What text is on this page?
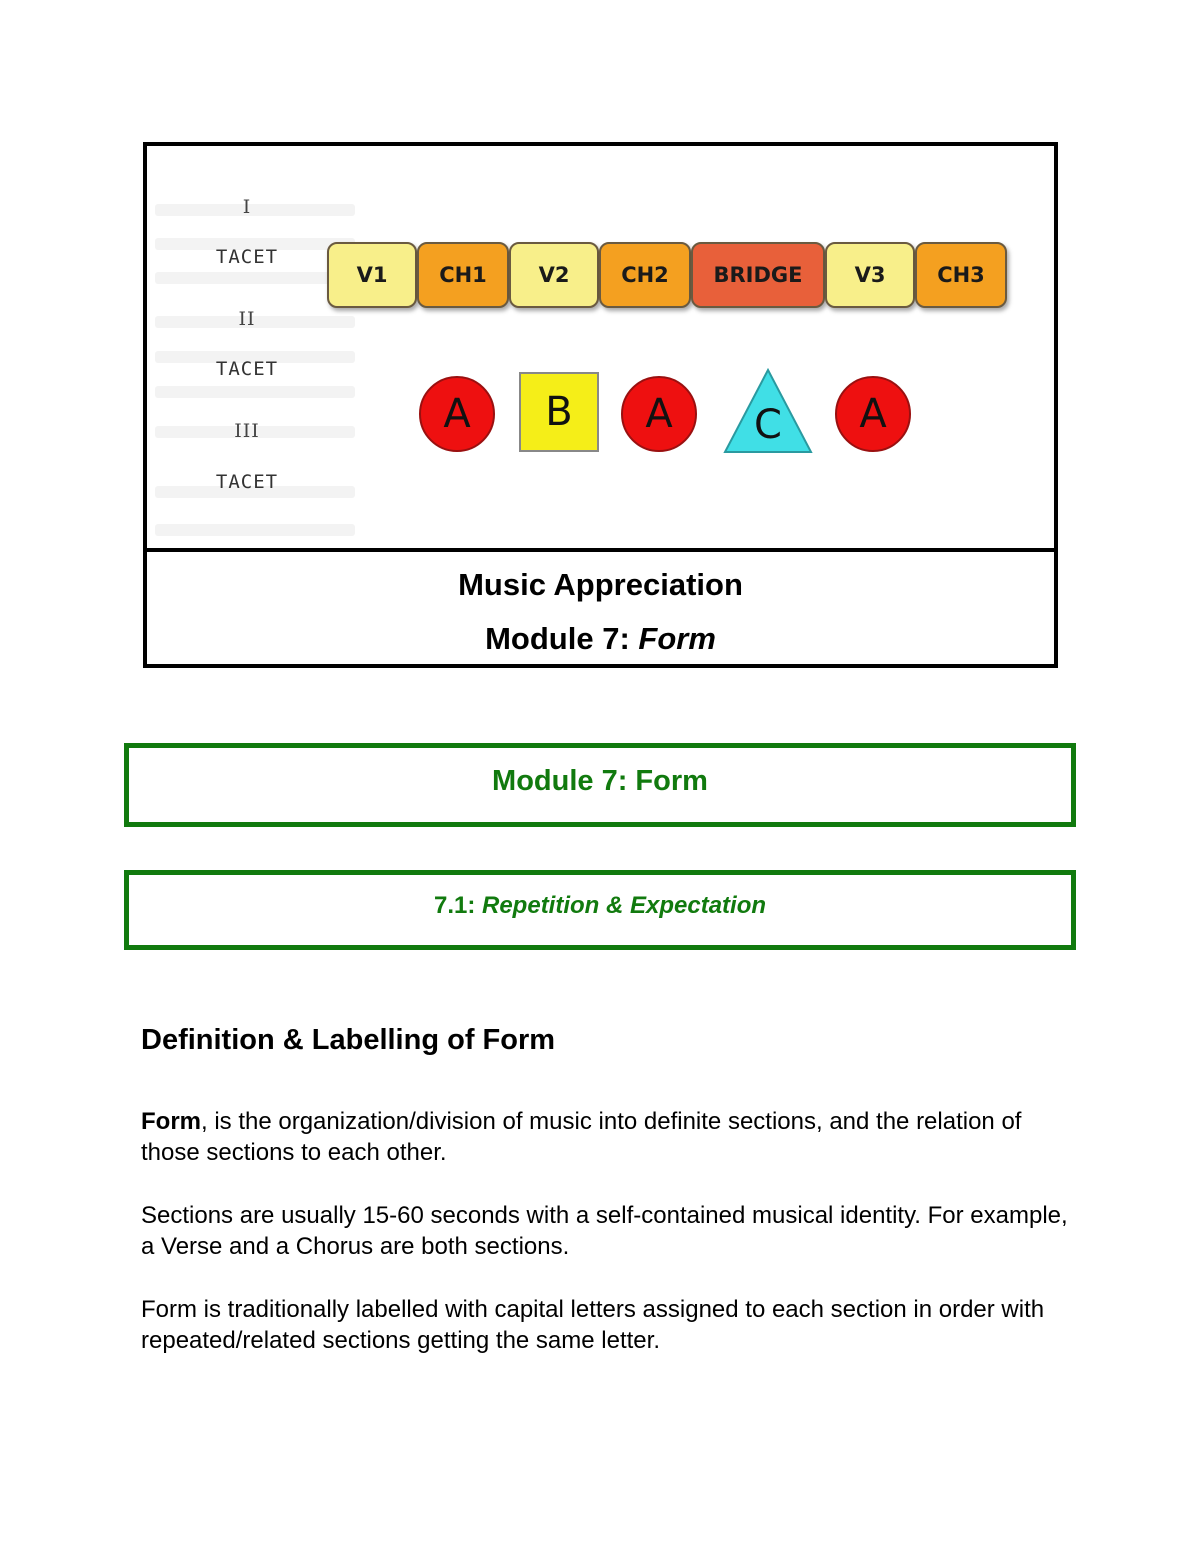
I
TACET
II
TACET
III
TACET
V1	CH1	V2	CH2	BRIDGE	V3	CH3
A B A C A
Music Appreciation
Module 7: Form
Module 7: Form
7.1: Repetition & Expectation
Definition & Labelling of Form

Form, is the organization/division of music into definite sections, and the relation of those sections to each other.

Sections are usually 15-60 seconds with a self-contained musical identity. For example, a Verse and a Chorus are both sections.

Form is traditionally labelled with capital letters assigned to each section in order with repeated/related sections getting the same letter.
